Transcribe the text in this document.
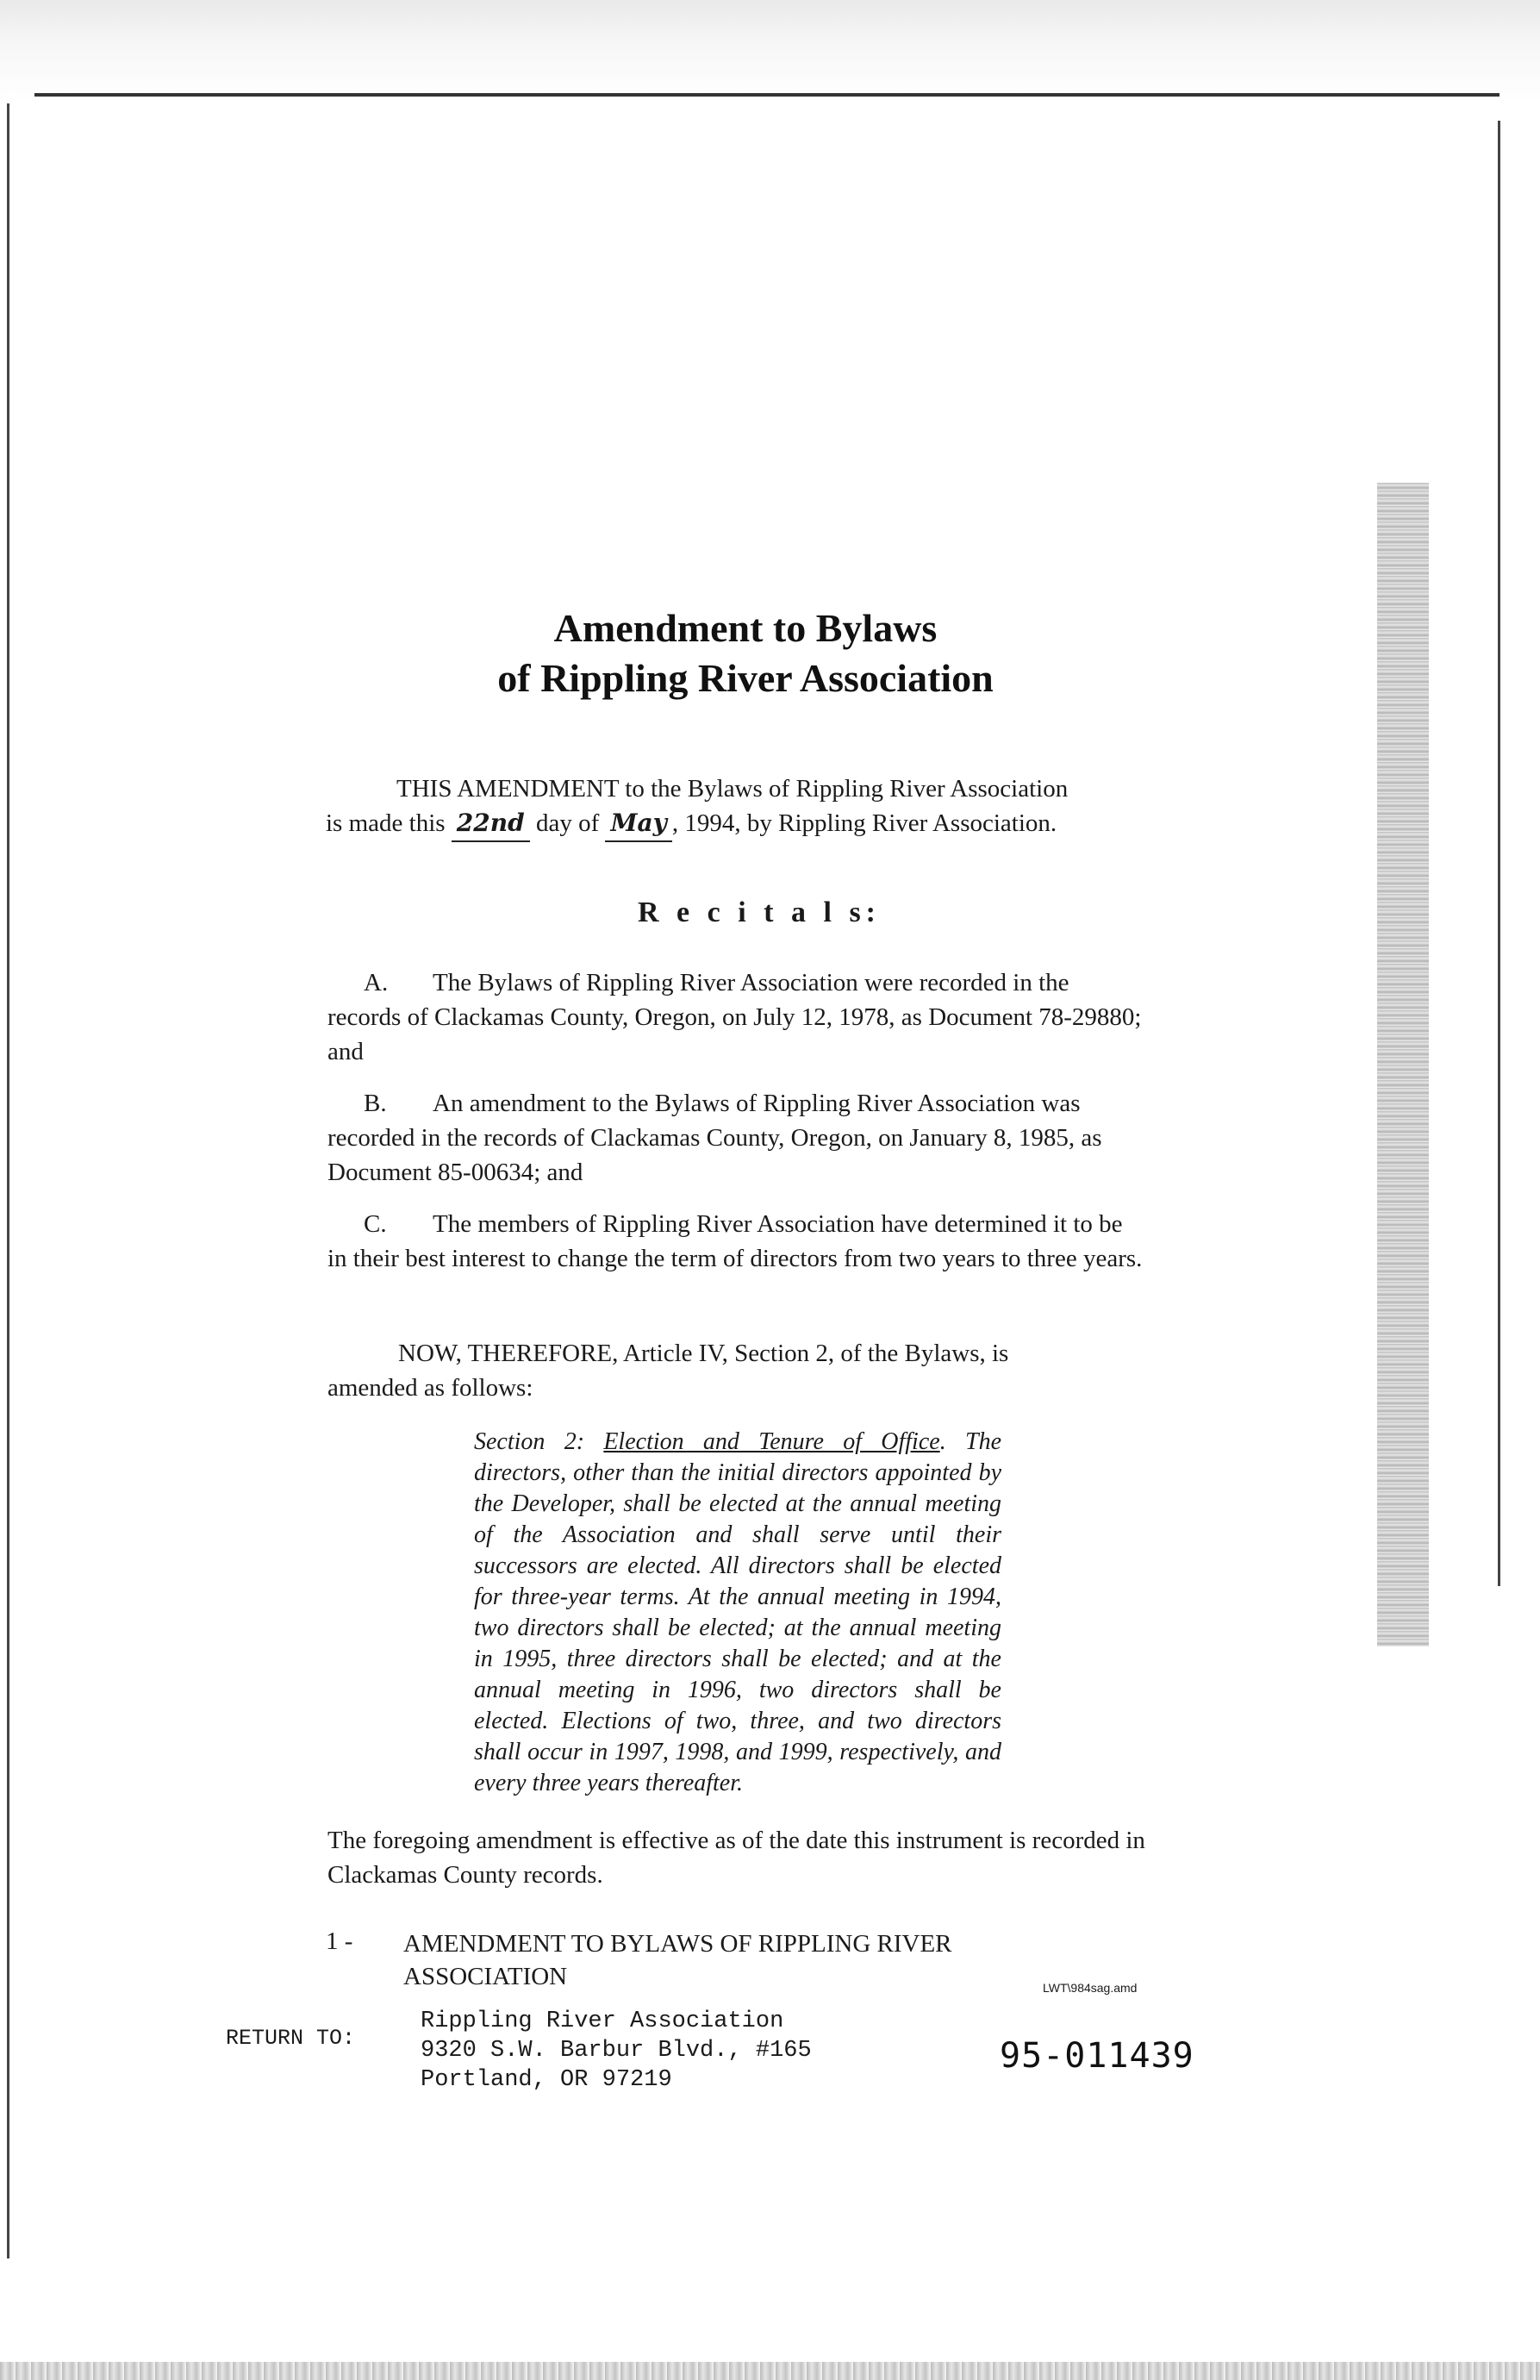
Amendment to Bylaws
of Rippling River Association

THIS AMENDMENT to the Bylaws of Rippling River Association
is made this 22nd day of May , 1994, by Rippling River Association.

R e c i t a l s:

A. The Bylaws of Rippling River Association were recorded in the records of Clackamas County, Oregon, on July 12, 1978, as Document 78-29880; and

B. An amendment to the Bylaws of Rippling River Association was recorded in the records of Clackamas County, Oregon, on January 8, 1985, as Document 85-00634; and

C. The members of Rippling River Association have determined it to be in their best interest to change the term of directors from two years to three years.

NOW, THEREFORE, Article IV, Section 2, of the Bylaws, is
amended as follows:

Section 2: Election and Tenure of Office. The directors, other than the initial directors appointed by the Developer, shall be elected at the annual meeting of the Association and shall serve until their successors are elected. All directors shall be elected for three-year terms. At the annual meeting in 1994, two directors shall be elected; at the annual meeting in 1995, three directors shall be elected; and at the annual meeting in 1996, two directors shall be elected. Elections of two, three, and two directors shall occur in 1997, 1998, and 1999, respectively, and every three years thereafter.

The foregoing amendment is effective as of the date this instrument is recorded in Clackamas County records.

1 - AMENDMENT TO BYLAWS OF RIPPLING RIVER ASSOCIATION	LWT\984sag.amd
RETURN TO:

Rippling River Association
9320 S.W. Barbur Blvd., #165
Portland, OR 97219

95-011439
